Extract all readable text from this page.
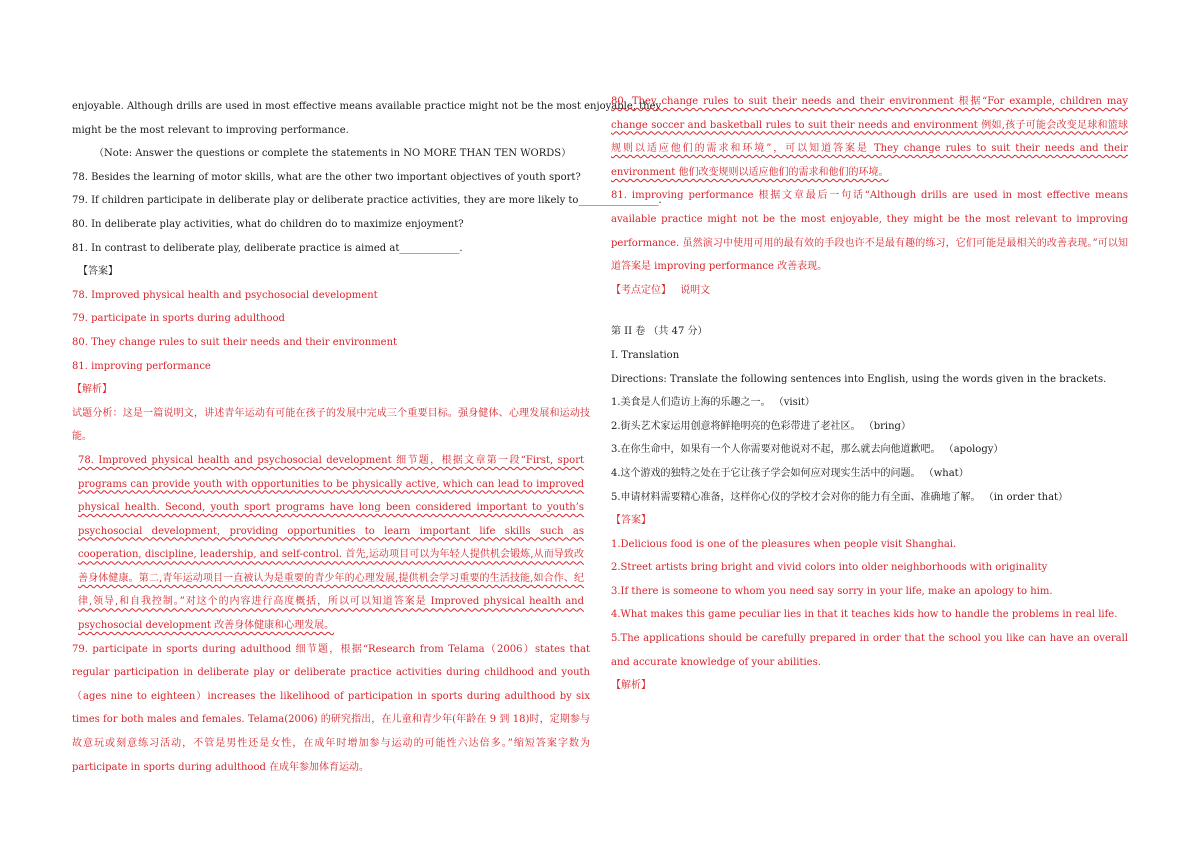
enjoyable. Although drills are used in most effective means available practice might not be the most enjoyable, they
might be the most relevant to improving performance.
（Note: Answer the questions or complete the statements in NO MORE THAN TEN WORDS）
78. Besides the learning of motor skills, what are the other two important objectives of youth sport?
79. If children participate in deliberate play or deliberate practice activities, they are more likely to________________.
80. In deliberate play activities, what do children do to maximize enjoyment?
81. In contrast to deliberate play, deliberate practice is aimed at____________.
【答案】
78. Improved physical health and psychosocial development
79. participate in sports during adulthood
80. They change rules to suit their needs and their environment
81. improving performance
【解析】
试题分析：这是一篇说明文，讲述青年运动有可能在孩子的发展中完成三个重要目标。强身健体、心理发展和运动技能。
78. Improved physical health and psychosocial development 细节题，根据文章第一段“First, sport programs can provide youth with opportunities to be physically active, which can lead to improved physical health. Second, youth sport programs have long been considered important to youth’s psychosocial development, providing opportunities to learn important life skills such as cooperation, discipline, leadership, and self-control. 首先,运动项目可以为年轻人提供机会锻炼,从而导致改善身体健康。第二,青年运动项目一直被认为是重要的青少年的心理发展,提供机会学习重要的生活技能,如合作、纪律,领导,和自我控制。”对这个的内容进行高度概括，所以可以知道答案是 Improved physical health and psychosocial development 改善身体健康和心理发展。
79. participate in sports during adulthood 细节题，根据“Research from Telama（2006）states that regular participation in deliberate play or deliberate practice activities during childhood and youth （ages nine to eighteen）increases the likelihood of participation in sports during adulthood by six times for both males and females. Telama(2006) 的研究指出，在儿童和青少年(年龄在 9 到 18)时，定期参与故意玩或刻意练习活动，不管是男性还是女性，在成年时增加参与运动的可能性六达倍多。”缩短答案字数为 participate in sports during adulthood 在成年参加体育运动。
80. They change rules to suit their needs and their environment 根据“For example, children may change soccer and basketball rules to suit their needs and environment 例如,孩子可能会改变足球和篮球规则以适应他们的需求和环境”，可以知道答案是 They change rules to suit their needs and their environment 他们改变规则以适应他们的需求和他们的环境。
81. improving performance 根据文章最后一句话“Although drills are used in most effective means available practice might not be the most enjoyable, they might be the most relevant to improving performance. 虽然演习中使用可用的最有效的手段也许不是最有趣的练习，它们可能是最相关的改善表现。”可以知道答案是 improving performance 改善表现。
【考点定位】 说明文
第 II 卷 （共 47 分）
I. Translation
Directions: Translate the following sentences into English, using the words given in the brackets.
1.美食是人们造访上海的乐趣之一。 （visit）
2.街头艺术家运用创意将鲜艳明亮的色彩带进了老社区。 （bring）
3.在你生命中，如果有一个人你需要对他说对不起，那么就去向他道歉吧。 （apology）
4.这个游戏的独特之处在于它让孩子学会如何应对现实生活中的问题。 （what）
5.申请材料需要精心准备，这样你心仪的学校才会对你的能力有全面、准确地了解。 （in order that）
【答案】
1.Delicious food is one of the pleasures when people visit Shanghai.
2.Street artists bring bright and vivid colors into older neighborhoods with originality
3.If there is someone to whom you need say sorry in your life, make an apology to him.
4.What makes this game peculiar lies in that it teaches kids how to handle the problems in real life.
5.The applications should be carefully prepared in order that the school you like can have an overall and accurate knowledge of your abilities.
【解析】
